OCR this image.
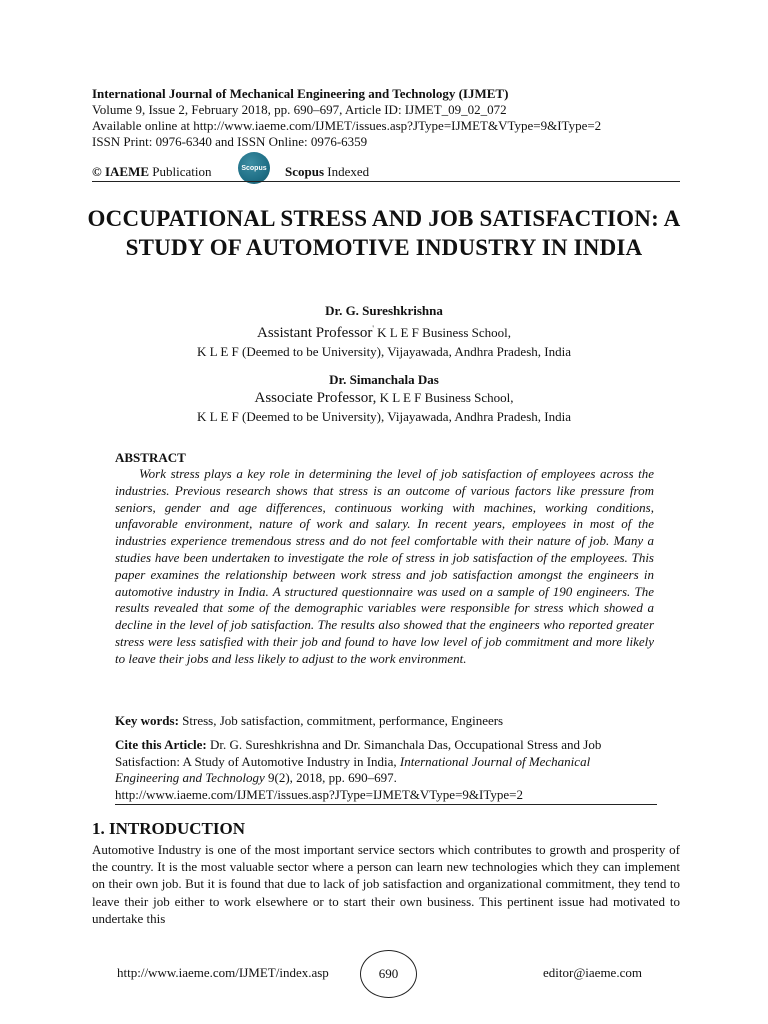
International Journal of Mechanical Engineering and Technology (IJMET)
Volume 9, Issue 2, February 2018, pp. 690–697, Article ID: IJMET_09_02_072
Available online at http://www.iaeme.com/IJMET/issues.asp?JType=IJMET&VType=9&IType=2
ISSN Print: 0976-6340 and ISSN Online: 0976-6359
© IAEME Publication	Scopus Scopus Indexed
OCCUPATIONAL STRESS AND JOB SATISFACTION: A STUDY OF AUTOMOTIVE INDUSTRY IN INDIA
Dr. G. Sureshkrishna
Assistant Professor' K L E F Business School,
K L E F (Deemed to be University), Vijayawada, Andhra Pradesh, India
Dr. Simanchala Das
Associate Professor, K L E F Business School,
K L E F (Deemed to be University), Vijayawada, Andhra Pradesh, India
ABSTRACT
Work stress plays a key role in determining the level of job satisfaction of employees across the industries. Previous research shows that stress is an outcome of various factors like pressure from seniors, gender and age differences, continuous working with machines, working conditions, unfavorable environment, nature of work and salary. In recent years, employees in most of the industries experience tremendous stress and do not feel comfortable with their nature of job. Many a studies have been undertaken to investigate the role of stress in job satisfaction of the employees. This paper examines the relationship between work stress and job satisfaction amongst the engineers in automotive industry in India. A structured questionnaire was used on a sample of 190 engineers. The results revealed that some of the demographic variables were responsible for stress which showed a decline in the level of job satisfaction. The results also showed that the engineers who reported greater stress were less satisfied with their job and found to have low level of job commitment and more likely to leave their jobs and less likely to adjust to the work environment.
Key words: Stress, Job satisfaction, commitment, performance, Engineers
Cite this Article: Dr. G. Sureshkrishna and Dr. Simanchala Das, Occupational Stress and Job Satisfaction: A Study of Automotive Industry in India, International Journal of Mechanical Engineering and Technology 9(2), 2018, pp. 690–697.
http://www.iaeme.com/IJMET/issues.asp?JType=IJMET&VType=9&IType=2
1. INTRODUCTION
Automotive Industry is one of the most important service sectors which contributes to growth and prosperity of the country. It is the most valuable sector where a person can learn new technologies which they can implement on their own job. But it is found that due to lack of job satisfaction and organizational commitment, they tend to leave their job either to work elsewhere or to start their own business. This pertinent issue had motivated to undertake this
http://www.iaeme.com/IJMET/index.asp	690	editor@iaeme.com
